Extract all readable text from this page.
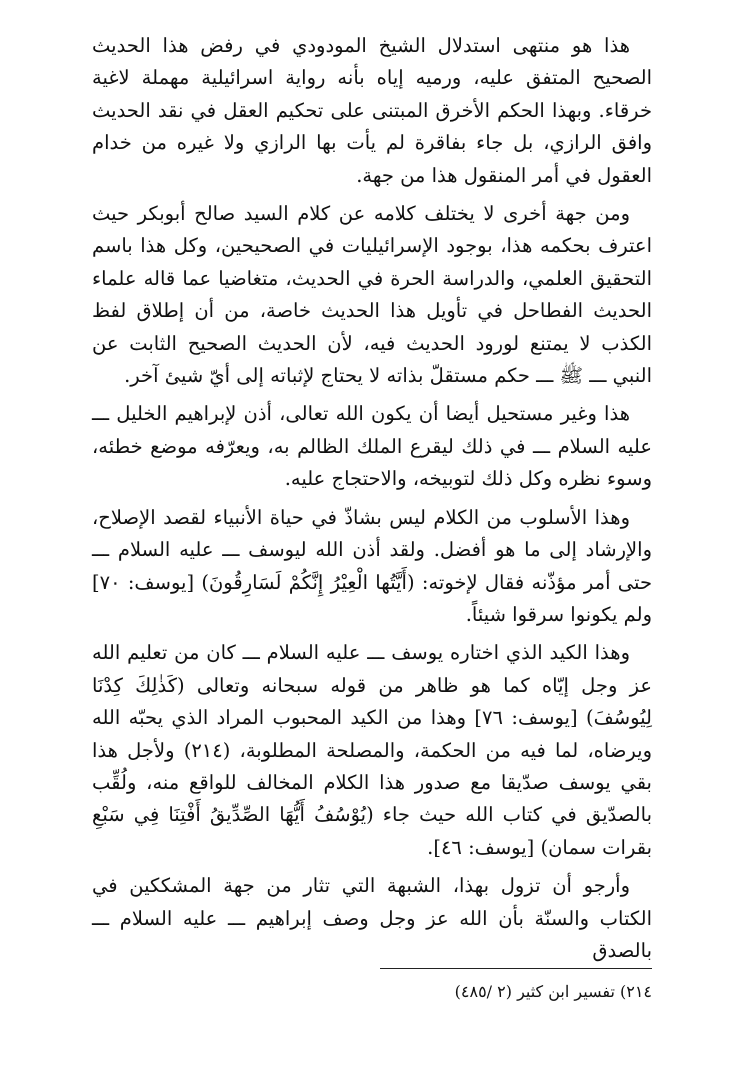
هذا هو منتهى استدلال الشيخ المودودي في رفض هذا الحديث الصحيح المتفق عليه، ورميه إياه بأنه رواية اسرائيلية مهملة لاغية خرقاء. وبهذا الحكم الأخرق المبتنى على تحكيم العقل في نقد الحديث وافق الرازي، بل جاء بفاقرة لم يأت بها الرازي ولا غيره من خدام العقول في أمر المنقول هذا من جهة.

ومن جهة أخرى لا يختلف كلامه عن كلام السيد صالح أبوبكر حيث اعترف بحكمه هذا، بوجود الإسرائيليات في الصحيحين، وكل هذا باسم التحقيق العلمي، والدراسة الحرة في الحديث، متغاضيا عما قاله علماء الحديث الفطاحل في تأويل هذا الحديث خاصة، من أن إطلاق لفظ الكذب لا يمتنع لورود الحديث فيه، لأن الحديث الصحيح الثابت عن النبي ـــ ﷺ ـــ حكم مستقلّ بذاته لا يحتاج لإثباته إلى أيّ شيئ آخر.

هذا وغير مستحيل أيضا أن يكون الله تعالى، أذن لإبراهيم الخليل ـــ عليه السلام ـــ في ذلك ليقرع الملك الظالم به، ويعرّفه موضع خطئه، وسوء نظره وكل ذلك لتوبيخه، والاحتجاج عليه.

وهذا الأسلوب من الكلام ليس بشاذّ في حياة الأنبياء لقصد الإصلاح، والإرشاد إلى ما هو أفضل. ولقد أذن الله ليوسف ـــ عليه السلام ـــ حتى أمر مؤذّنه فقال لإخوته: (أَيَّتُها الْعِيْرُ إِنَّكُمْ لَسَارِقُونَ) [يوسف: ٧٠] ولم يكونوا سرقوا شيئاً.

وهذا الكيد الذي اختاره يوسف ـــ عليه السلام ـــ كان من تعليم الله عز وجل إيّاه كما هو ظاهر من قوله سبحانه وتعالى (كَذٰلِكَ كِدْنَا لِيُوسُفَ) [يوسف: ٧٦] وهذا من الكيد المحبوب المراد الذي يحبّه الله ويرضاه، لما فيه من الحكمة، والمصلحة المطلوبة، (٢١٤) ولأجل هذا بقي يوسف صدّيقا مع صدور هذا الكلام المخالف للواقع منه، ولُقِّب بالصدّيق في كتاب الله حيث جاء (يُوْسُفُ أَيُّهَا الصِّدِّيقُ أَفْتِنَا فِي سَبْعِ بقرات سمان) [يوسف: ٤٦].

وأرجو أن تزول بهذا، الشبهة التي تثار من جهة المشككين في الكتاب والسنّة بأن الله عز وجل وصف إبراهيم ـــ عليه السلام ـــ بالصدق

٢١٤) تفسير ابن كثير (٢ /٤٨٥)
